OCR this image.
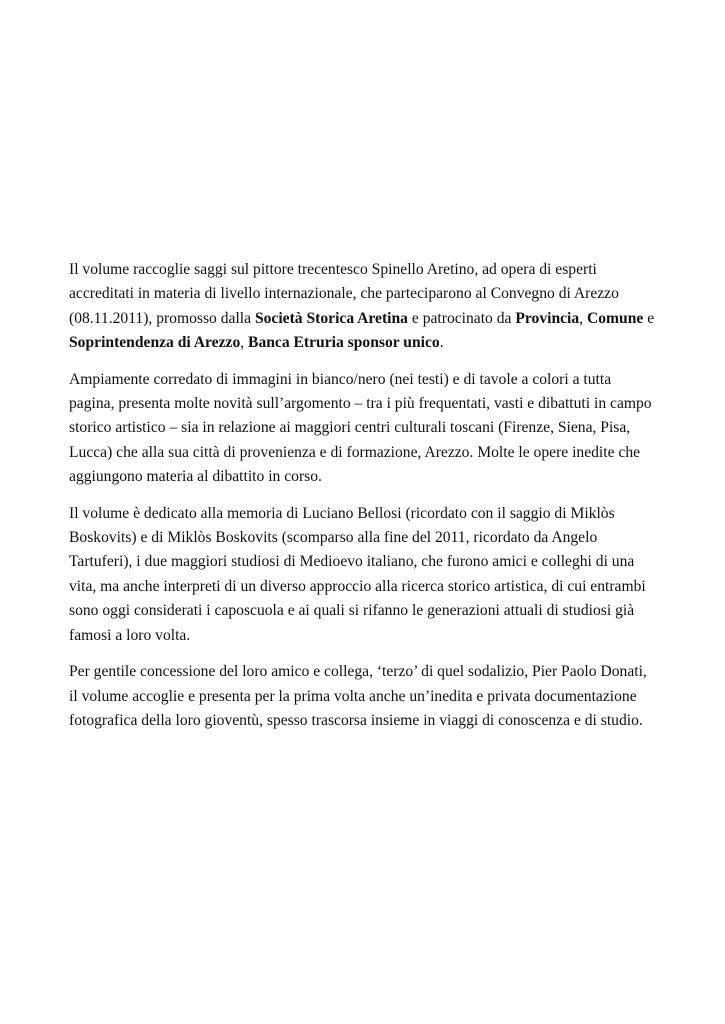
Il volume raccoglie saggi sul pittore trecentesco Spinello Aretino, ad opera di esperti accreditati in materia di livello internazionale, che parteciparono al Convegno di Arezzo (08.11.2011), promosso dalla Società Storica Aretina e patrocinato da Provincia, Comune e Soprintendenza di Arezzo, Banca Etruria sponsor unico.

Ampiamente corredato di immagini in bianco/nero (nei testi) e di tavole a colori a tutta pagina, presenta molte novità sull’argomento – tra i più frequentati, vasti e dibattuti in campo storico artistico – sia in relazione ai maggiori centri culturali toscani (Firenze, Siena, Pisa, Lucca) che alla sua città di provenienza e di formazione, Arezzo. Molte le opere inedite che aggiungono materia al dibattito in corso.

Il volume è dedicato alla memoria di Luciano Bellosi (ricordato con il saggio di Miklòs Boskovits) e di Miklòs Boskovits (scomparso alla fine del 2011, ricordato da Angelo Tartuferi), i due maggiori studiosi di Medioevo italiano, che furono amici e colleghi di una vita, ma anche interpreti di un diverso approccio alla ricerca storico artistica, di cui entrambi sono oggi considerati i caposcuola e ai quali si rifanno le generazioni attuali di studiosi già famosi a loro volta.

Per gentile concessione del loro amico e collega, ‘terzo’ di quel sodalizio, Pier Paolo Donati, il volume accoglie e presenta per la prima volta anche un’inedita e privata documentazione fotografica della loro gioventù, spesso trascorsa insieme in viaggi di conoscenza e di studio.
